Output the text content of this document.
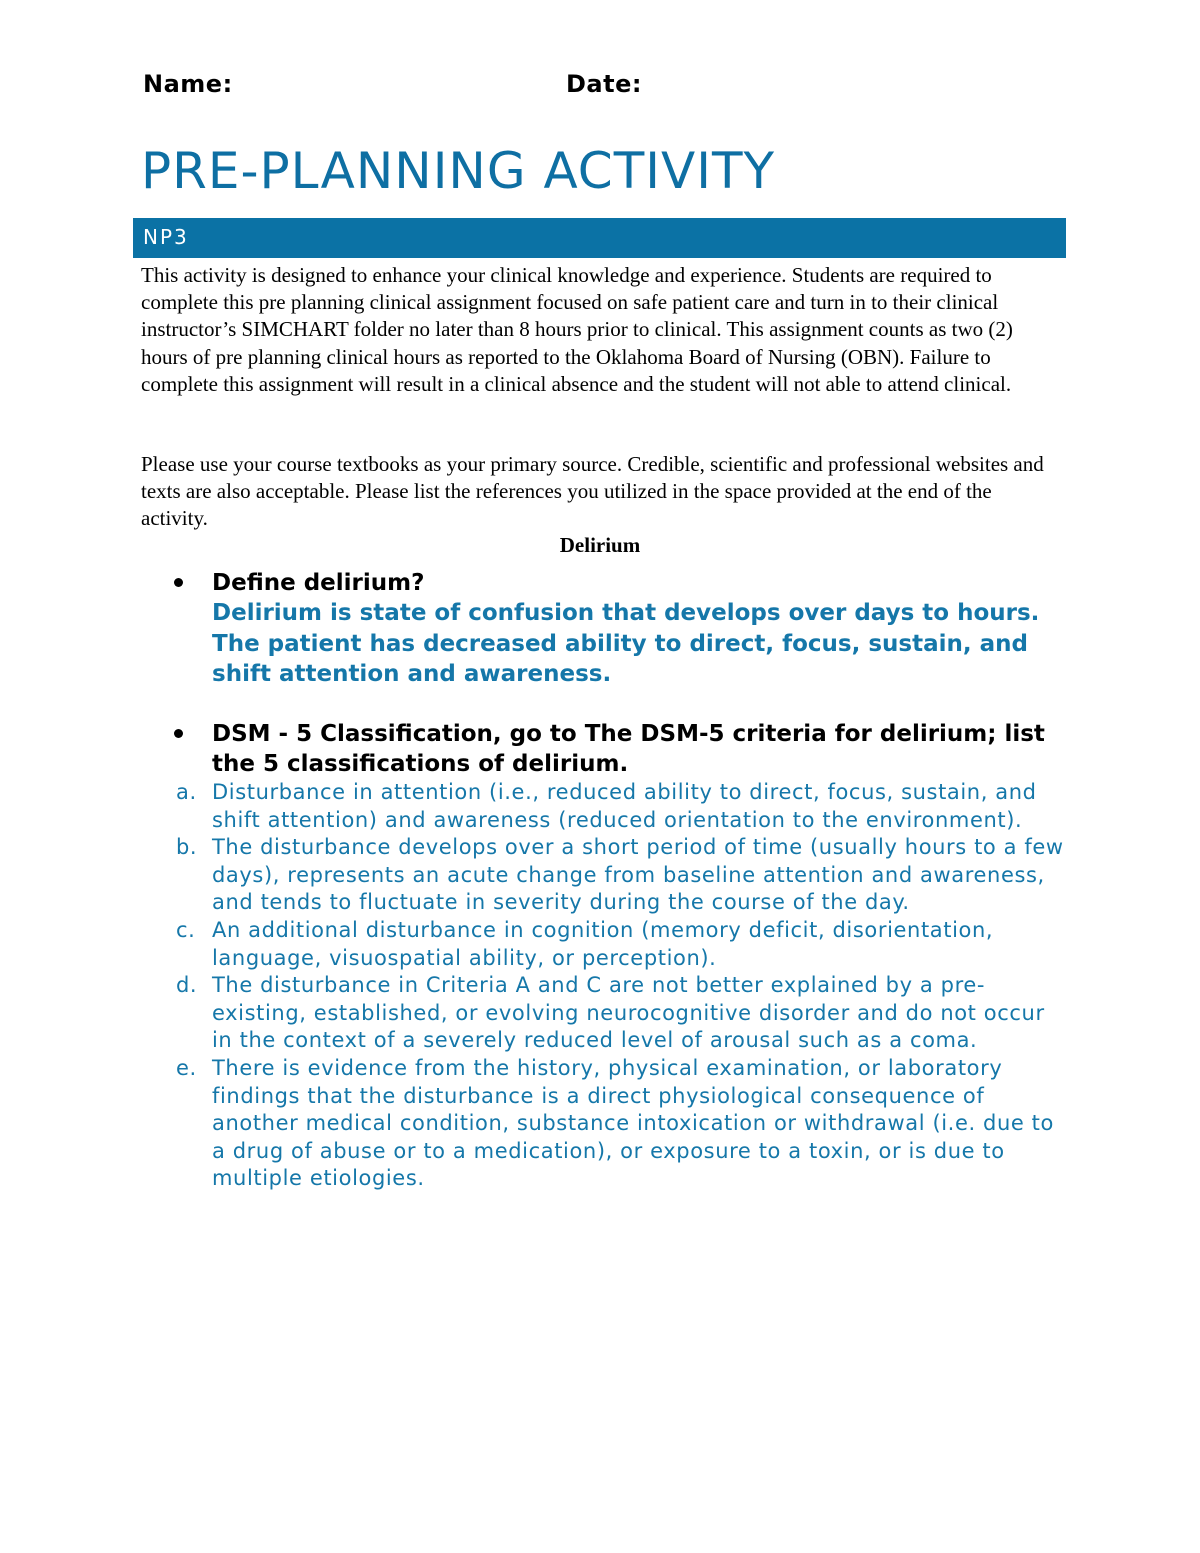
Name:	Date:
PRE-PLANNING ACTIVITY
NP3
This activity is designed to enhance your clinical knowledge and experience. Students are required to complete this pre planning clinical assignment focused on safe patient care and turn in to their clinical instructor’s SIMCHART folder no later than 8 hours prior to clinical. This assignment counts as two (2) hours of pre planning clinical hours as reported to the Oklahoma Board of Nursing (OBN). Failure to complete this assignment will result in a clinical absence and the student will not able to attend clinical.
Please use your course textbooks as your primary source. Credible, scientific and professional websites and texts are also acceptable. Please list the references you utilized in the space provided at the end of the activity.
Delirium
Define delirium?
Delirium is state of confusion that develops over days to hours. The patient has decreased ability to direct, focus, sustain, and shift attention and awareness.
DSM - 5 Classification, go to The DSM-5 criteria for delirium; list the 5 classifications of delirium.
a. Disturbance in attention (i.e., reduced ability to direct, focus, sustain, and shift attention) and awareness (reduced orientation to the environment).
b. The disturbance develops over a short period of time (usually hours to a few days), represents an acute change from baseline attention and awareness, and tends to fluctuate in severity during the course of the day.
c. An additional disturbance in cognition (memory deficit, disorientation, language, visuospatial ability, or perception).
d. The disturbance in Criteria A and C are not better explained by a pre-existing, established, or evolving neurocognitive disorder and do not occur in the context of a severely reduced level of arousal such as a coma.
e. There is evidence from the history, physical examination, or laboratory findings that the disturbance is a direct physiological consequence of another medical condition, substance intoxication or withdrawal (i.e. due to a drug of abuse or to a medication), or exposure to a toxin, or is due to multiple etiologies.
